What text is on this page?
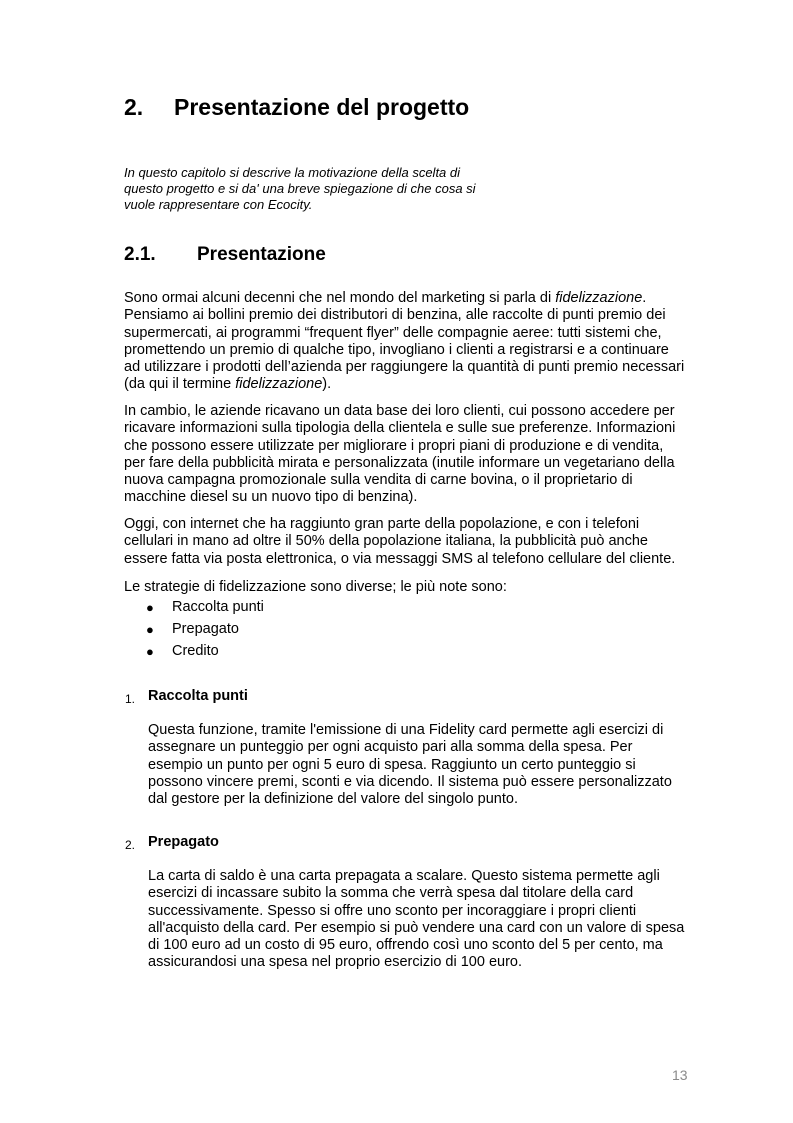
2. Presentazione del progetto
In questo capitolo si descrive la motivazione della scelta di
questo progetto e si da' una breve spiegazione di che cosa si
vuole rappresentare con Ecocity.
2.1. Presentazione
Sono ormai alcuni decenni che nel mondo del marketing si parla di fidelizzazione.
Pensiamo ai bollini premio dei distributori di benzina, alle raccolte di punti premio dei
supermercati, ai programmi “frequent flyer” delle compagnie aeree: tutti sistemi che,
promettendo un premio di qualche tipo, invogliano i clienti a registrarsi e a continuare
ad utilizzare i prodotti dell’azienda per raggiungere la quantità di punti premio necessari
(da qui il termine fidelizzazione).
In cambio, le aziende ricavano un data base dei loro clienti, cui possono accedere per
ricavare informazioni sulla tipologia della clientela e sulle sue preferenze. Informazioni
che possono essere utilizzate per migliorare i propri piani di produzione e di vendita,
per fare della pubblicità mirata e personalizzata (inutile informare un vegetariano della
nuova campagna promozionale sulla vendita di carne bovina, o il proprietario di
macchine diesel su un nuovo tipo di benzina).
Oggi, con internet che ha raggiunto gran parte della popolazione, e con i telefoni
cellulari in mano ad oltre il 50% della popolazione italiana, la pubblicità può anche
essere fatta via posta elettronica, o via messaggi SMS al telefono cellulare del cliente.
Le strategie di fidelizzazione sono diverse; le più note sono:
●	Raccolta punti
●	Prepagato
●	Credito
1. Raccolta punti
Questa funzione, tramite l'emissione di una Fidelity card permette agli esercizi di
assegnare un punteggio per ogni acquisto pari alla somma della spesa. Per
esempio un punto per ogni 5 euro di spesa. Raggiunto un certo punteggio si
possono vincere premi, sconti e via dicendo. Il sistema può essere personalizzato
dal gestore per la definizione del valore del singolo punto.
2. Prepagato
La carta di saldo è una carta prepagata a scalare. Questo sistema permette agli
esercizi di incassare subito la somma che verrà spesa dal titolare della card
successivamente. Spesso si offre uno sconto per incoraggiare i propri clienti
all'acquisto della card. Per esempio si può vendere una card con un valore di spesa
di 100 euro ad un costo di 95 euro, offrendo così uno sconto del 5 per cento, ma
assicurandosi una spesa nel proprio esercizio di 100 euro.
13
